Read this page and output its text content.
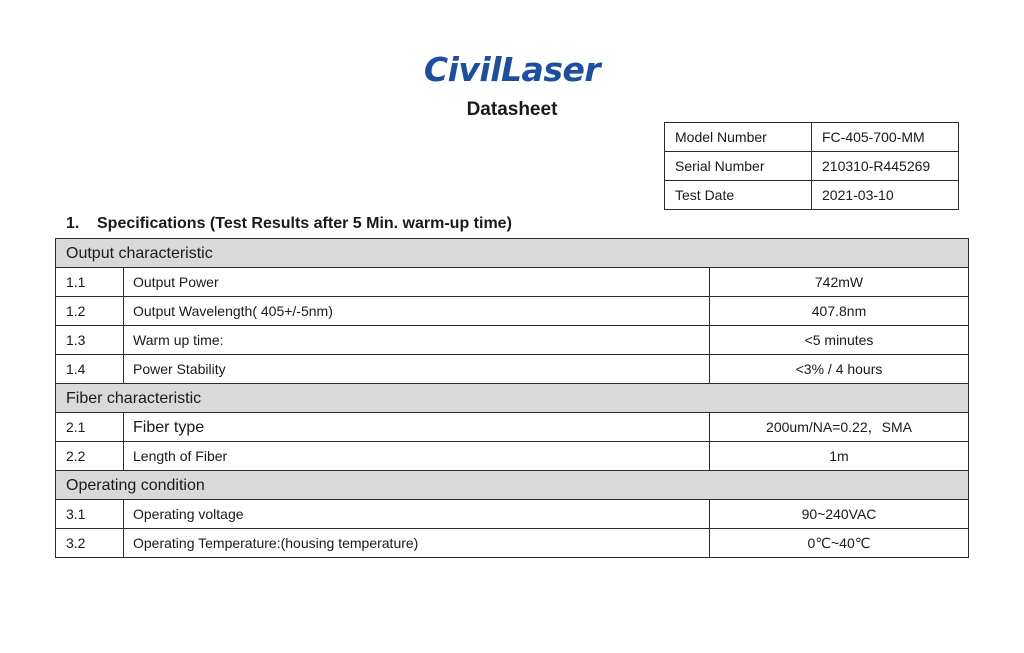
CivilLaser
Datasheet
Model Number	FC-405-700-MM
Serial Number	210310-R445269
Test Date	2021-03-10
1. Specifications (Test Results after 5 Min. warm-up time)
Output characteristic		
1.1	Output Power	742mW
1.2	Output Wavelength( 405+/-5nm)	407.8nm
1.3	Warm up time:	<5 minutes
1.4	Power Stability	<3% / 4 hours
Fiber characteristic		
2.1	Fiber type	200um/NA=0.22，SMA
2.2	Length of Fiber	1m
Operating condition		
3.1	Operating voltage	90~240VAC
3.2	Operating Temperature:(housing temperature)	0℃~40℃
